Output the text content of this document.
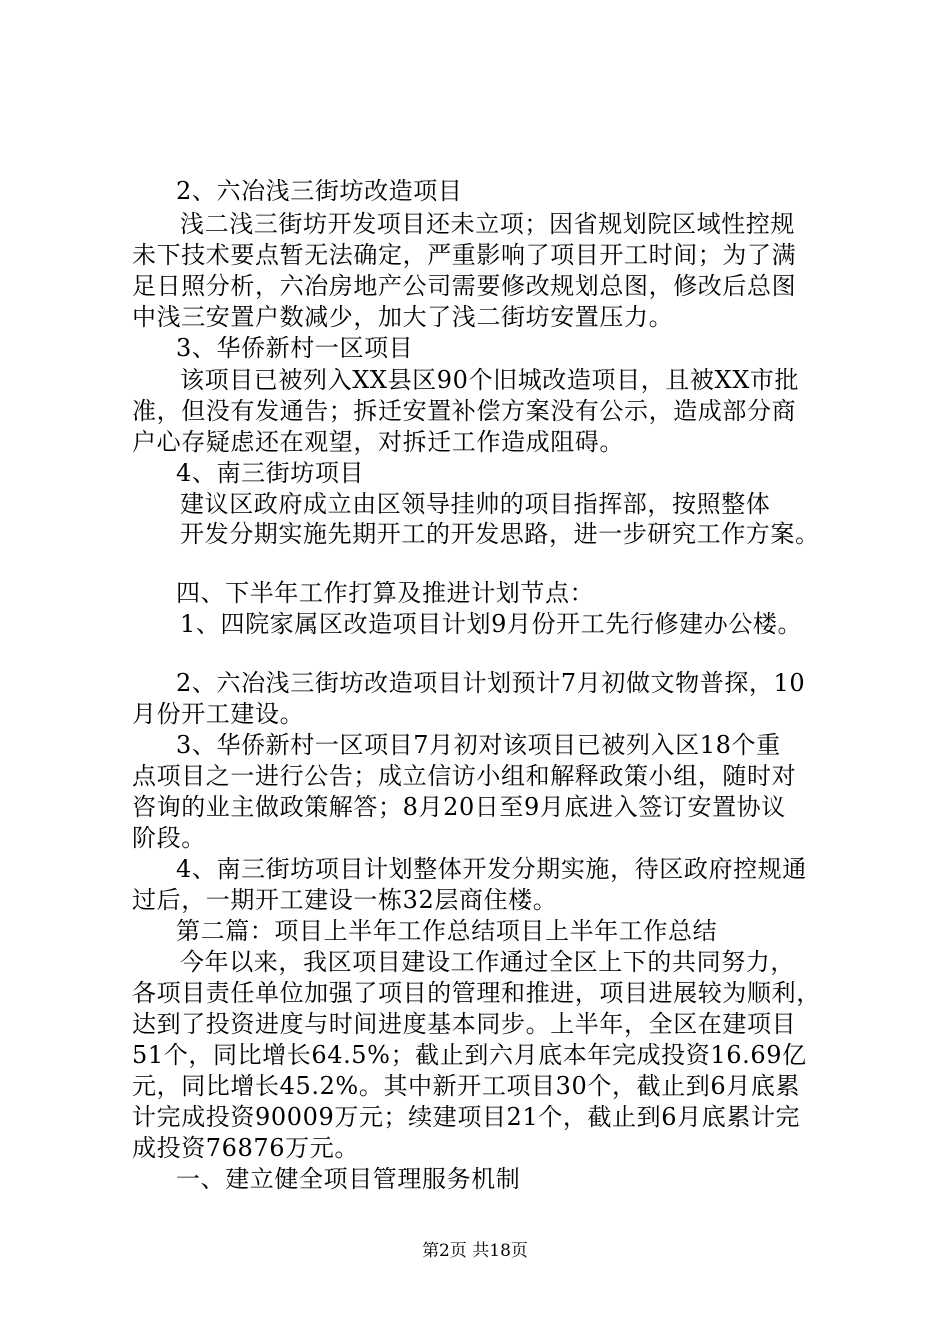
2、六冶浅三街坊改造项目
浅二浅三街坊开发项目还未立项；因省规划院区域性控规
未下技术要点暂无法确定，严重影响了项目开工时间；为了满
足日照分析，六冶房地产公司需要修改规划总图，修改后总图
中浅三安置户数减少，加大了浅二街坊安置压力。
3、华侨新村一区项目
该项目已被列入XX县区90个旧城改造项目，且被XX市批
准，但没有发通告；拆迁安置补偿方案没有公示，造成部分商
户心存疑虑还在观望，对拆迁工作造成阻碍。
4、南三街坊项目
建议区政府成立由区领导挂帅的项目指挥部，按照整体
开发分期实施先期开工的开发思路，进一步研究工作方案。
四、下半年工作打算及推进计划节点：
1、四院家属区改造项目计划9月份开工先行修建办公楼。
2、六冶浅三街坊改造项目计划预计7月初做文物普探，10
月份开工建设。
3、华侨新村一区项目7月初对该项目已被列入区18个重
点项目之一进行公告；成立信访小组和解释政策小组，随时对
咨询的业主做政策解答；8月20日至9月底进入签订安置协议
阶段。
4、南三街坊项目计划整体开发分期实施，待区政府控规通
过后，一期开工建设一栋32层商住楼。
第二篇：项目上半年工作总结项目上半年工作总结
今年以来，我区项目建设工作通过全区上下的共同努力，
各项目责任单位加强了项目的管理和推进，项目进展较为顺利，
达到了投资进度与时间进度基本同步。上半年，全区在建项目
51个，同比增长64.5%；截止到六月底本年完成投资16.69亿
元，同比增长45.2%。其中新开工项目30个，截止到6月底累
计完成投资90009万元；续建项目21个，截止到6月底累计完
成投资76876万元。
一、建立健全项目管理服务机制
第2页 共18页
